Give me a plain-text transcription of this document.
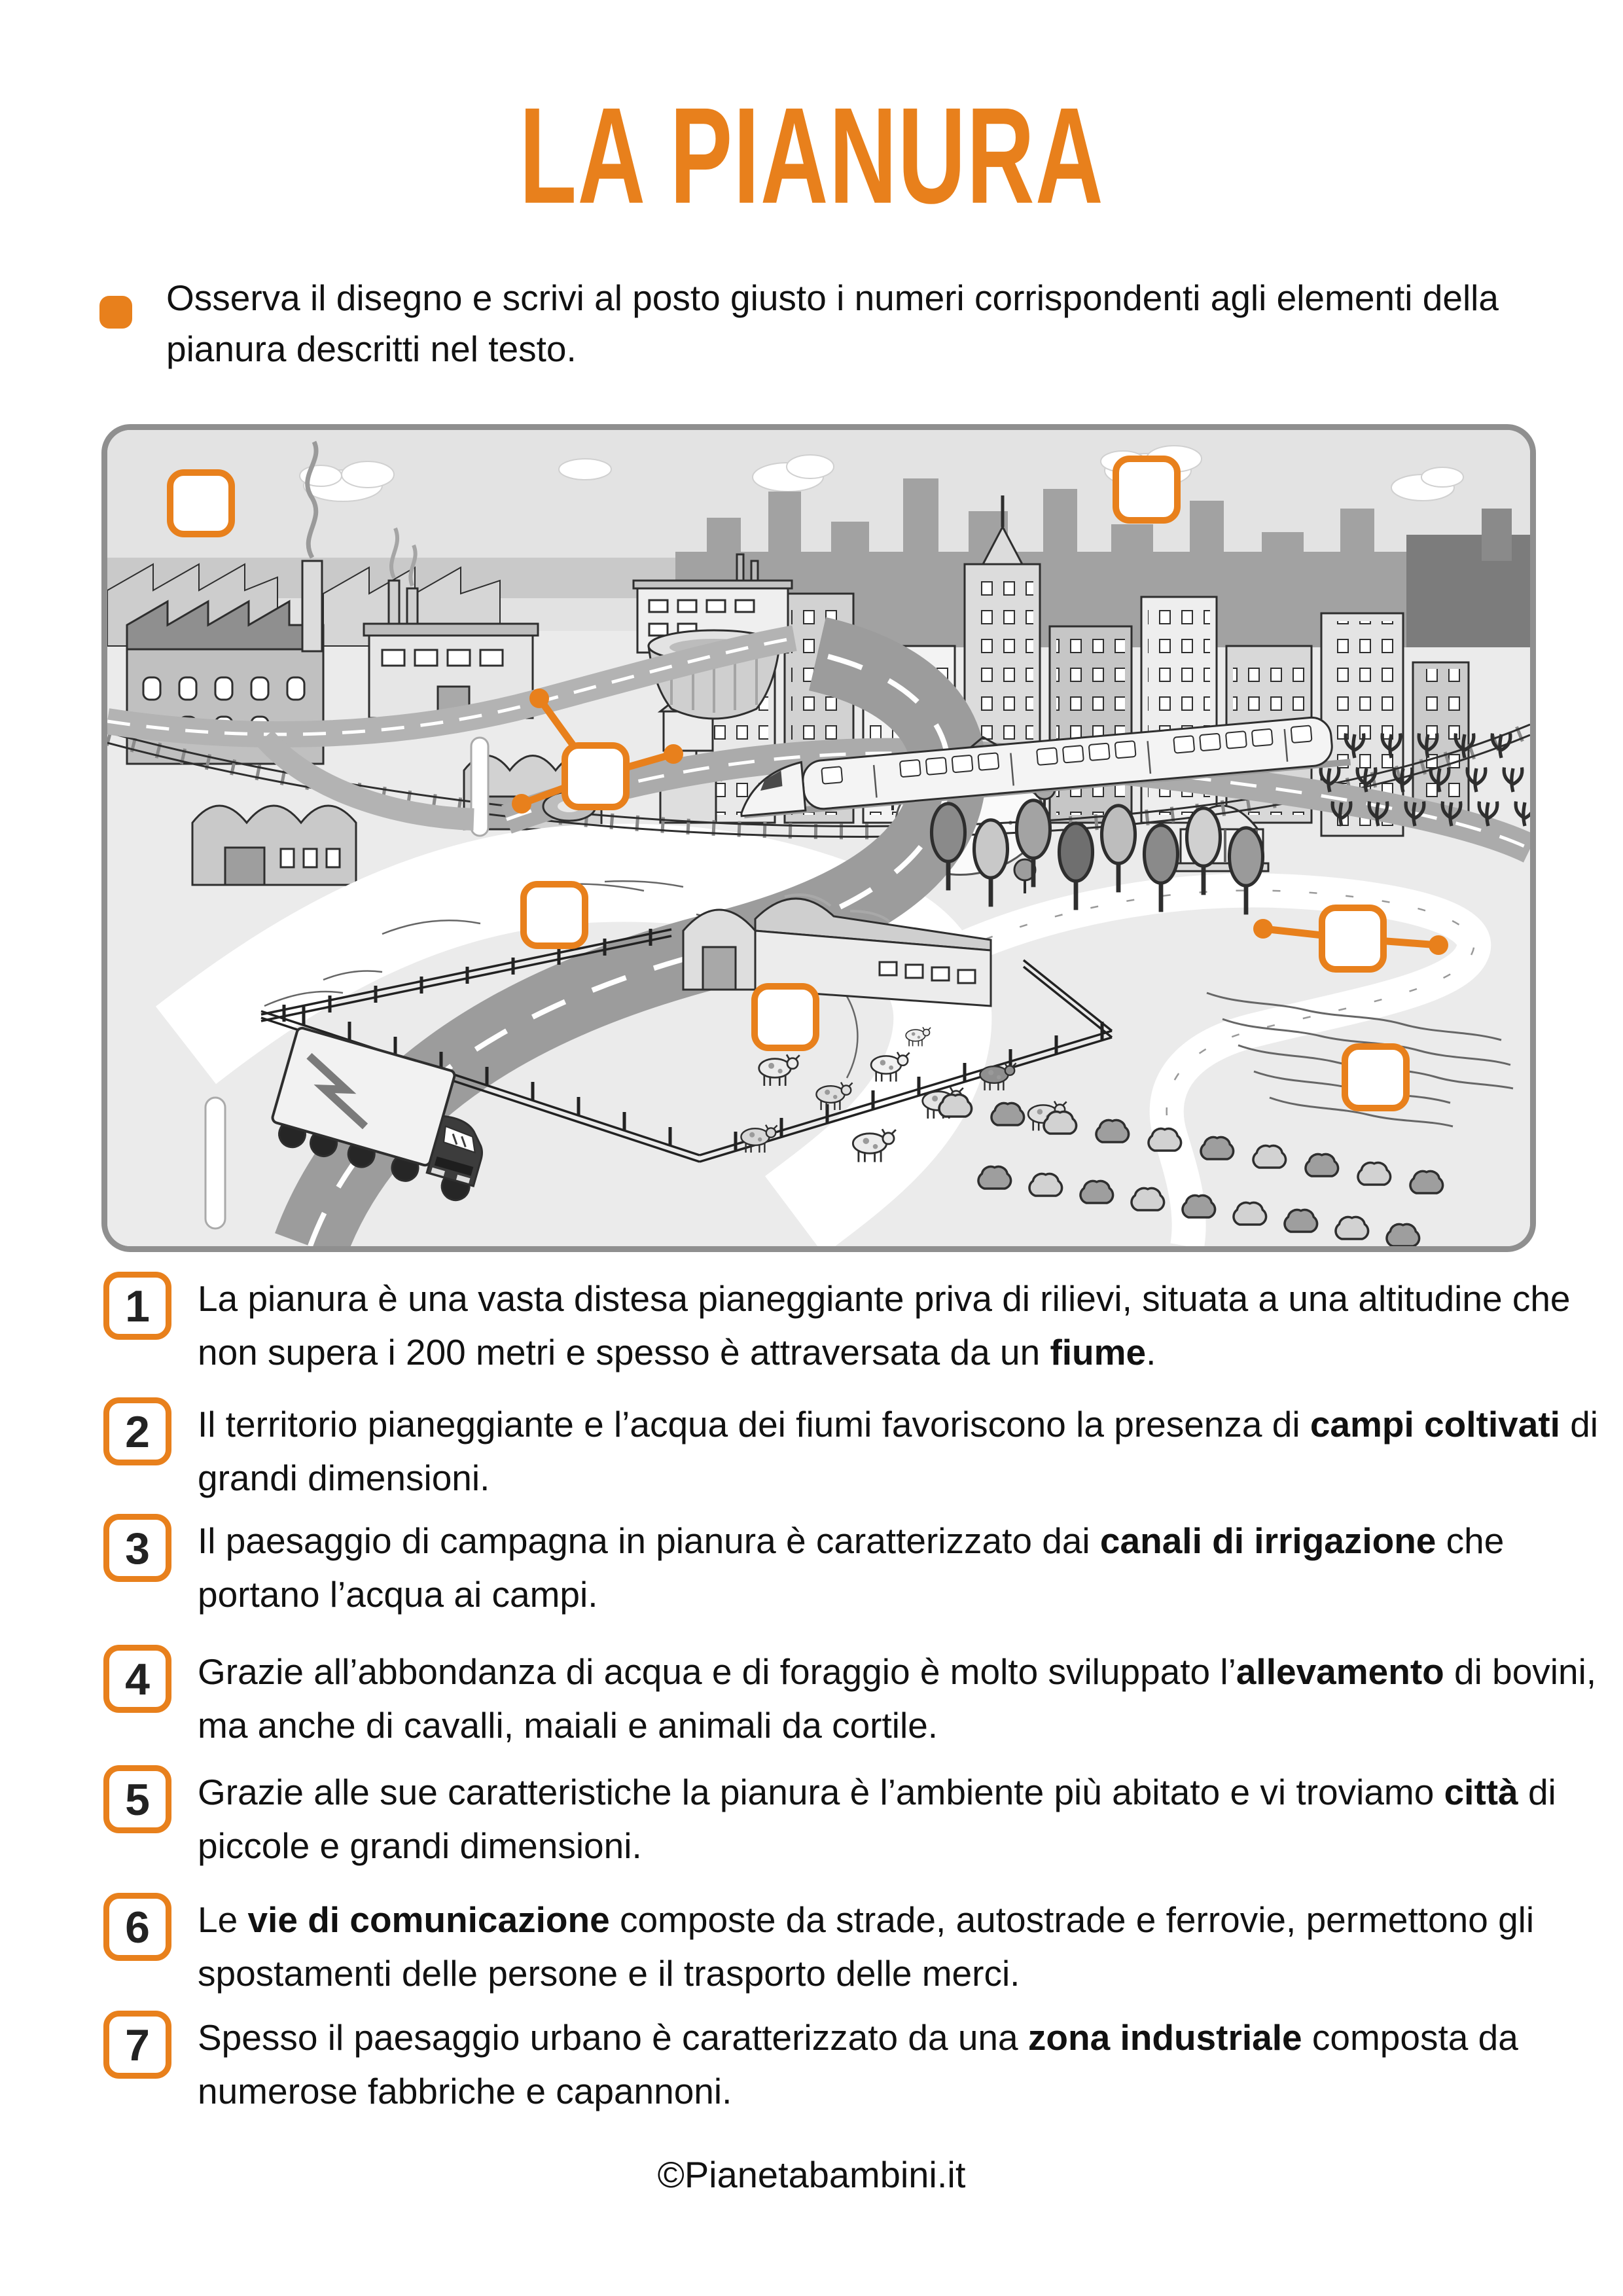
LA PIANURA

Osserva il disegno e scrivi al posto giusto i numeri corrispondenti agli elementi della pianura descritti nel testo.

1	La pianura è una vasta distesa pianeggiante priva di rilievi, situata a una altitudine che non supera i 200 metri e spesso è attraversata da un fiume.

2	Il territorio pianeggiante e l’acqua dei fiumi favoriscono la presenza di campi coltivati di grandi dimensioni.

3	Il paesaggio di campagna in pianura è caratterizzato dai canali di irrigazione che portano l’acqua ai campi.

4	Grazie all’abbondanza di acqua e di foraggio è molto sviluppato l’allevamento di bovini, ma anche di cavalli, maiali e animali da cortile.

5	Grazie alle sue caratteristiche la pianura è l’ambiente più abitato e vi troviamo città di piccole e grandi dimensioni.

6	Le vie di comunicazione composte da strade, autostrade e ferrovie, permettono gli spostamenti delle persone e il trasporto delle merci.

7	Spesso il paesaggio urbano è caratterizzato da una zona industriale composta da numerose fabbriche e capannoni.

©Pianetabambini.it
